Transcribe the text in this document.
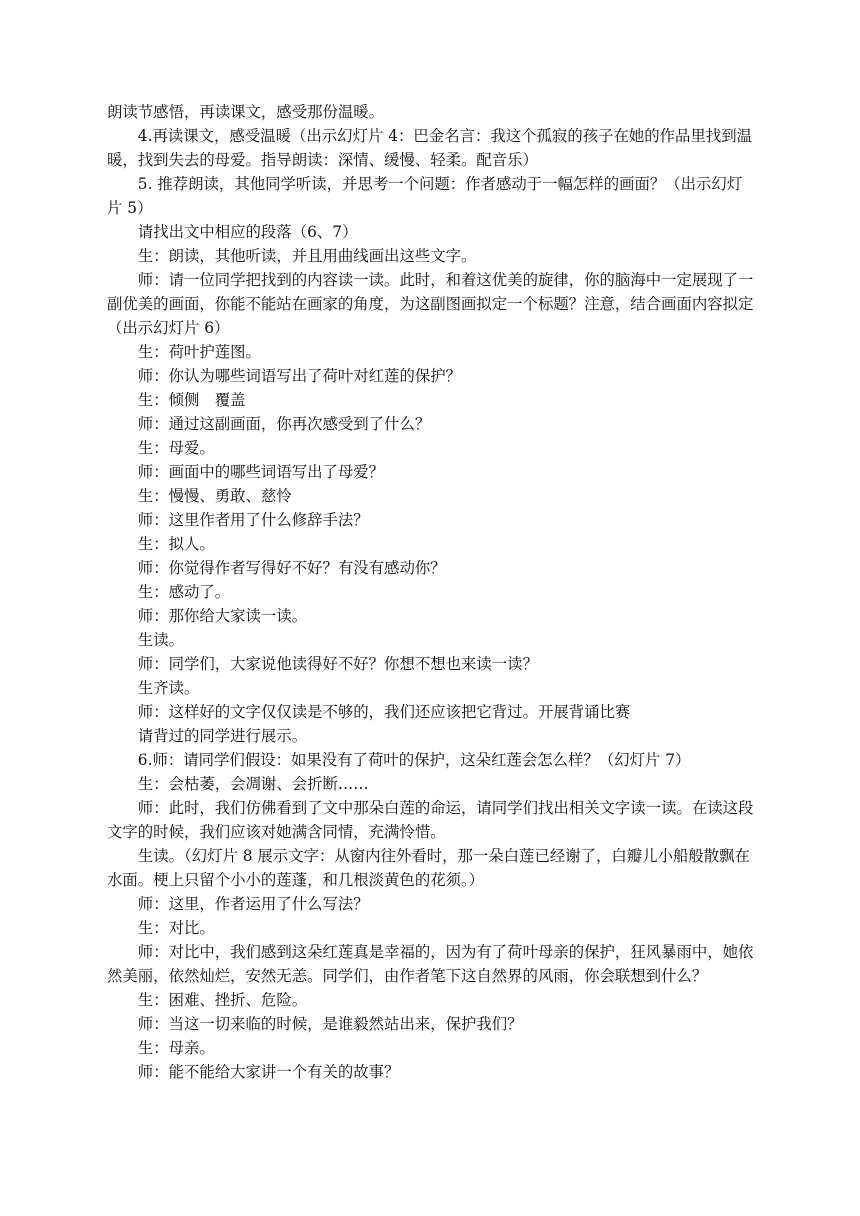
朗读节感悟，再读课文，感受那份温暖。

4.再读课文，感受温暖（出示幻灯片 4：巴金名言：我这个孤寂的孩子在她的作品里找到温暖，找到失去的母爱。指导朗读：深情、缓慢、轻柔。配音乐）

5. 推荐朗读，其他同学听读，并思考一个问题：作者感动于一幅怎样的画面？（出示幻灯片 5）

请找出文中相应的段落（6、7）

生：朗读，其他听读，并且用曲线画出这些文字。

师：请一位同学把找到的内容读一读。此时，和着这优美的旋律，你的脑海中一定展现了一副优美的画面，你能不能站在画家的角度，为这副图画拟定一个标题？注意，结合画面内容拟定（出示幻灯片 6）

生：荷叶护莲图。

师：你认为哪些词语写出了荷叶对红莲的保护？

生：倾侧　覆盖

师：通过这副画面，你再次感受到了什么？

生：母爱。

师：画面中的哪些词语写出了母爱？

生：慢慢、勇敢、慈怜

师：这里作者用了什么修辞手法？

生：拟人。

师：你觉得作者写得好不好？有没有感动你？

生：感动了。

师：那你给大家读一读。

生读。

师：同学们，大家说他读得好不好？你想不想也来读一读？

生齐读。

师：这样好的文字仅仅读是不够的，我们还应该把它背过。开展背诵比赛

请背过的同学进行展示。

6.师：请同学们假设：如果没有了荷叶的保护，这朵红莲会怎么样？（幻灯片 7）

生：会枯萎，会凋谢、会折断……

师：此时，我们仿佛看到了文中那朵白莲的命运，请同学们找出相关文字读一读。在读这段文字的时候，我们应该对她满含同情，充满怜惜。

生读。（幻灯片 8 展示文字：从窗内往外看时，那一朵白莲已经谢了，白瓣儿小船般散飘在水面。梗上只留个小小的莲蓬，和几根淡黄色的花须。）

师：这里，作者运用了什么写法？

生：对比。

师：对比中，我们感到这朵红莲真是幸福的，因为有了荷叶母亲的保护，狂风暴雨中，她依然美丽，依然灿烂，安然无恙。同学们，由作者笔下这自然界的风雨，你会联想到什么？

生：困难、挫折、危险。

师：当这一切来临的时候，是谁毅然站出来，保护我们？

生：母亲。

师：能不能给大家讲一个有关的故事？
